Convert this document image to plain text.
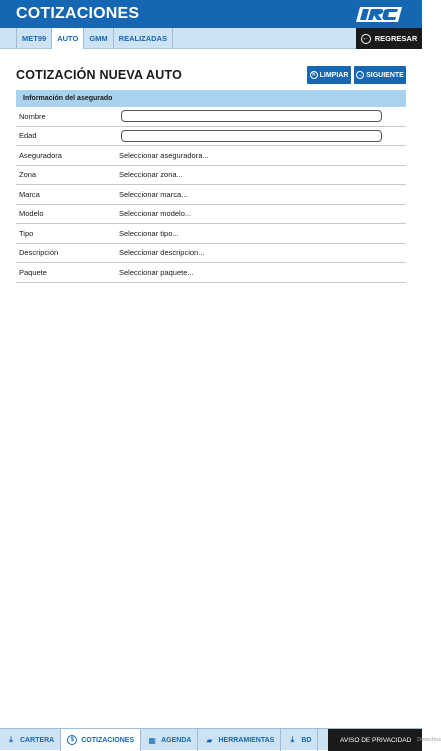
COTIZACIONES
MET99	AUTO	GMM	REALIZADAS	← REGRESAR
COTIZACIÓN NUEVA AUTO	✕ LIMPIAR → SIGUIENTE
Información del asegurado
Nombre
Edad
Aseguradora	Seleccionar aseguradora...
Zona	Seleccionar zona...
Marca	Seleccionar marca...
Modelo	Seleccionar modelo...
Tipo	Seleccionar tipo...
Descripción	Seleccionar descripcion...
Paquete	Seleccionar paquete...
⤓	CARTERA	$	COTIZACIONES ▦ AGENDA ▰ HERRAMIENTAS	⤓	BD	AVISO DE PRIVACIDAD Derechos
